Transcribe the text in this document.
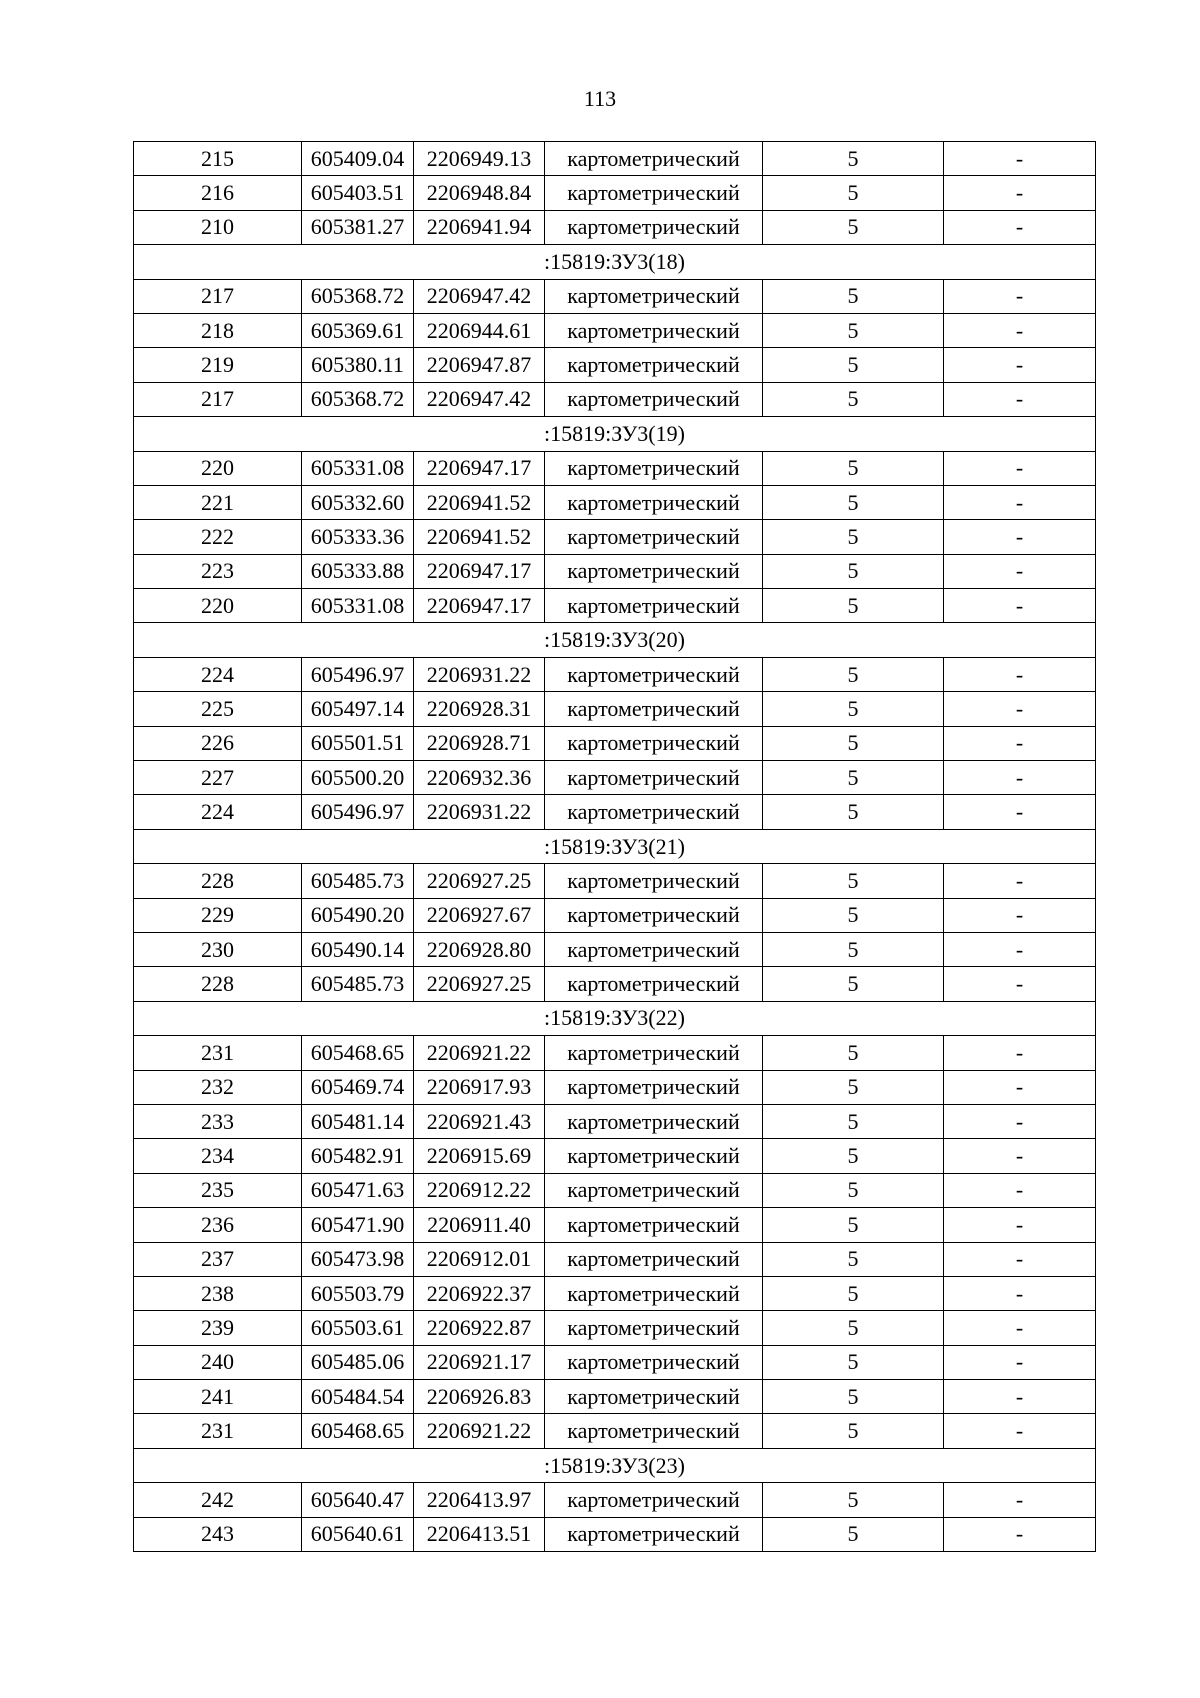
113
215	605409.04	2206949.13	картометрический	5	-
216	605403.51	2206948.84	картометрический	5	-
210	605381.27	2206941.94	картометрический	5	-
:15819:ЗУ3(18)					
217	605368.72	2206947.42	картометрический	5	-
218	605369.61	2206944.61	картометрический	5	-
219	605380.11	2206947.87	картометрический	5	-
217	605368.72	2206947.42	картометрический	5	-
:15819:ЗУ3(19)					
220	605331.08	2206947.17	картометрический	5	-
221	605332.60	2206941.52	картометрический	5	-
222	605333.36	2206941.52	картометрический	5	-
223	605333.88	2206947.17	картометрический	5	-
220	605331.08	2206947.17	картометрический	5	-
:15819:ЗУ3(20)					
224	605496.97	2206931.22	картометрический	5	-
225	605497.14	2206928.31	картометрический	5	-
226	605501.51	2206928.71	картометрический	5	-
227	605500.20	2206932.36	картометрический	5	-
224	605496.97	2206931.22	картометрический	5	-
:15819:ЗУ3(21)					
228	605485.73	2206927.25	картометрический	5	-
229	605490.20	2206927.67	картометрический	5	-
230	605490.14	2206928.80	картометрический	5	-
228	605485.73	2206927.25	картометрический	5	-
:15819:ЗУ3(22)					
231	605468.65	2206921.22	картометрический	5	-
232	605469.74	2206917.93	картометрический	5	-
233	605481.14	2206921.43	картометрический	5	-
234	605482.91	2206915.69	картометрический	5	-
235	605471.63	2206912.22	картометрический	5	-
236	605471.90	2206911.40	картометрический	5	-
237	605473.98	2206912.01	картометрический	5	-
238	605503.79	2206922.37	картометрический	5	-
239	605503.61	2206922.87	картометрический	5	-
240	605485.06	2206921.17	картометрический	5	-
241	605484.54	2206926.83	картометрический	5	-
231	605468.65	2206921.22	картометрический	5	-
:15819:ЗУ3(23)					
242	605640.47	2206413.97	картометрический	5	-
243	605640.61	2206413.51	картометрический	5	-
